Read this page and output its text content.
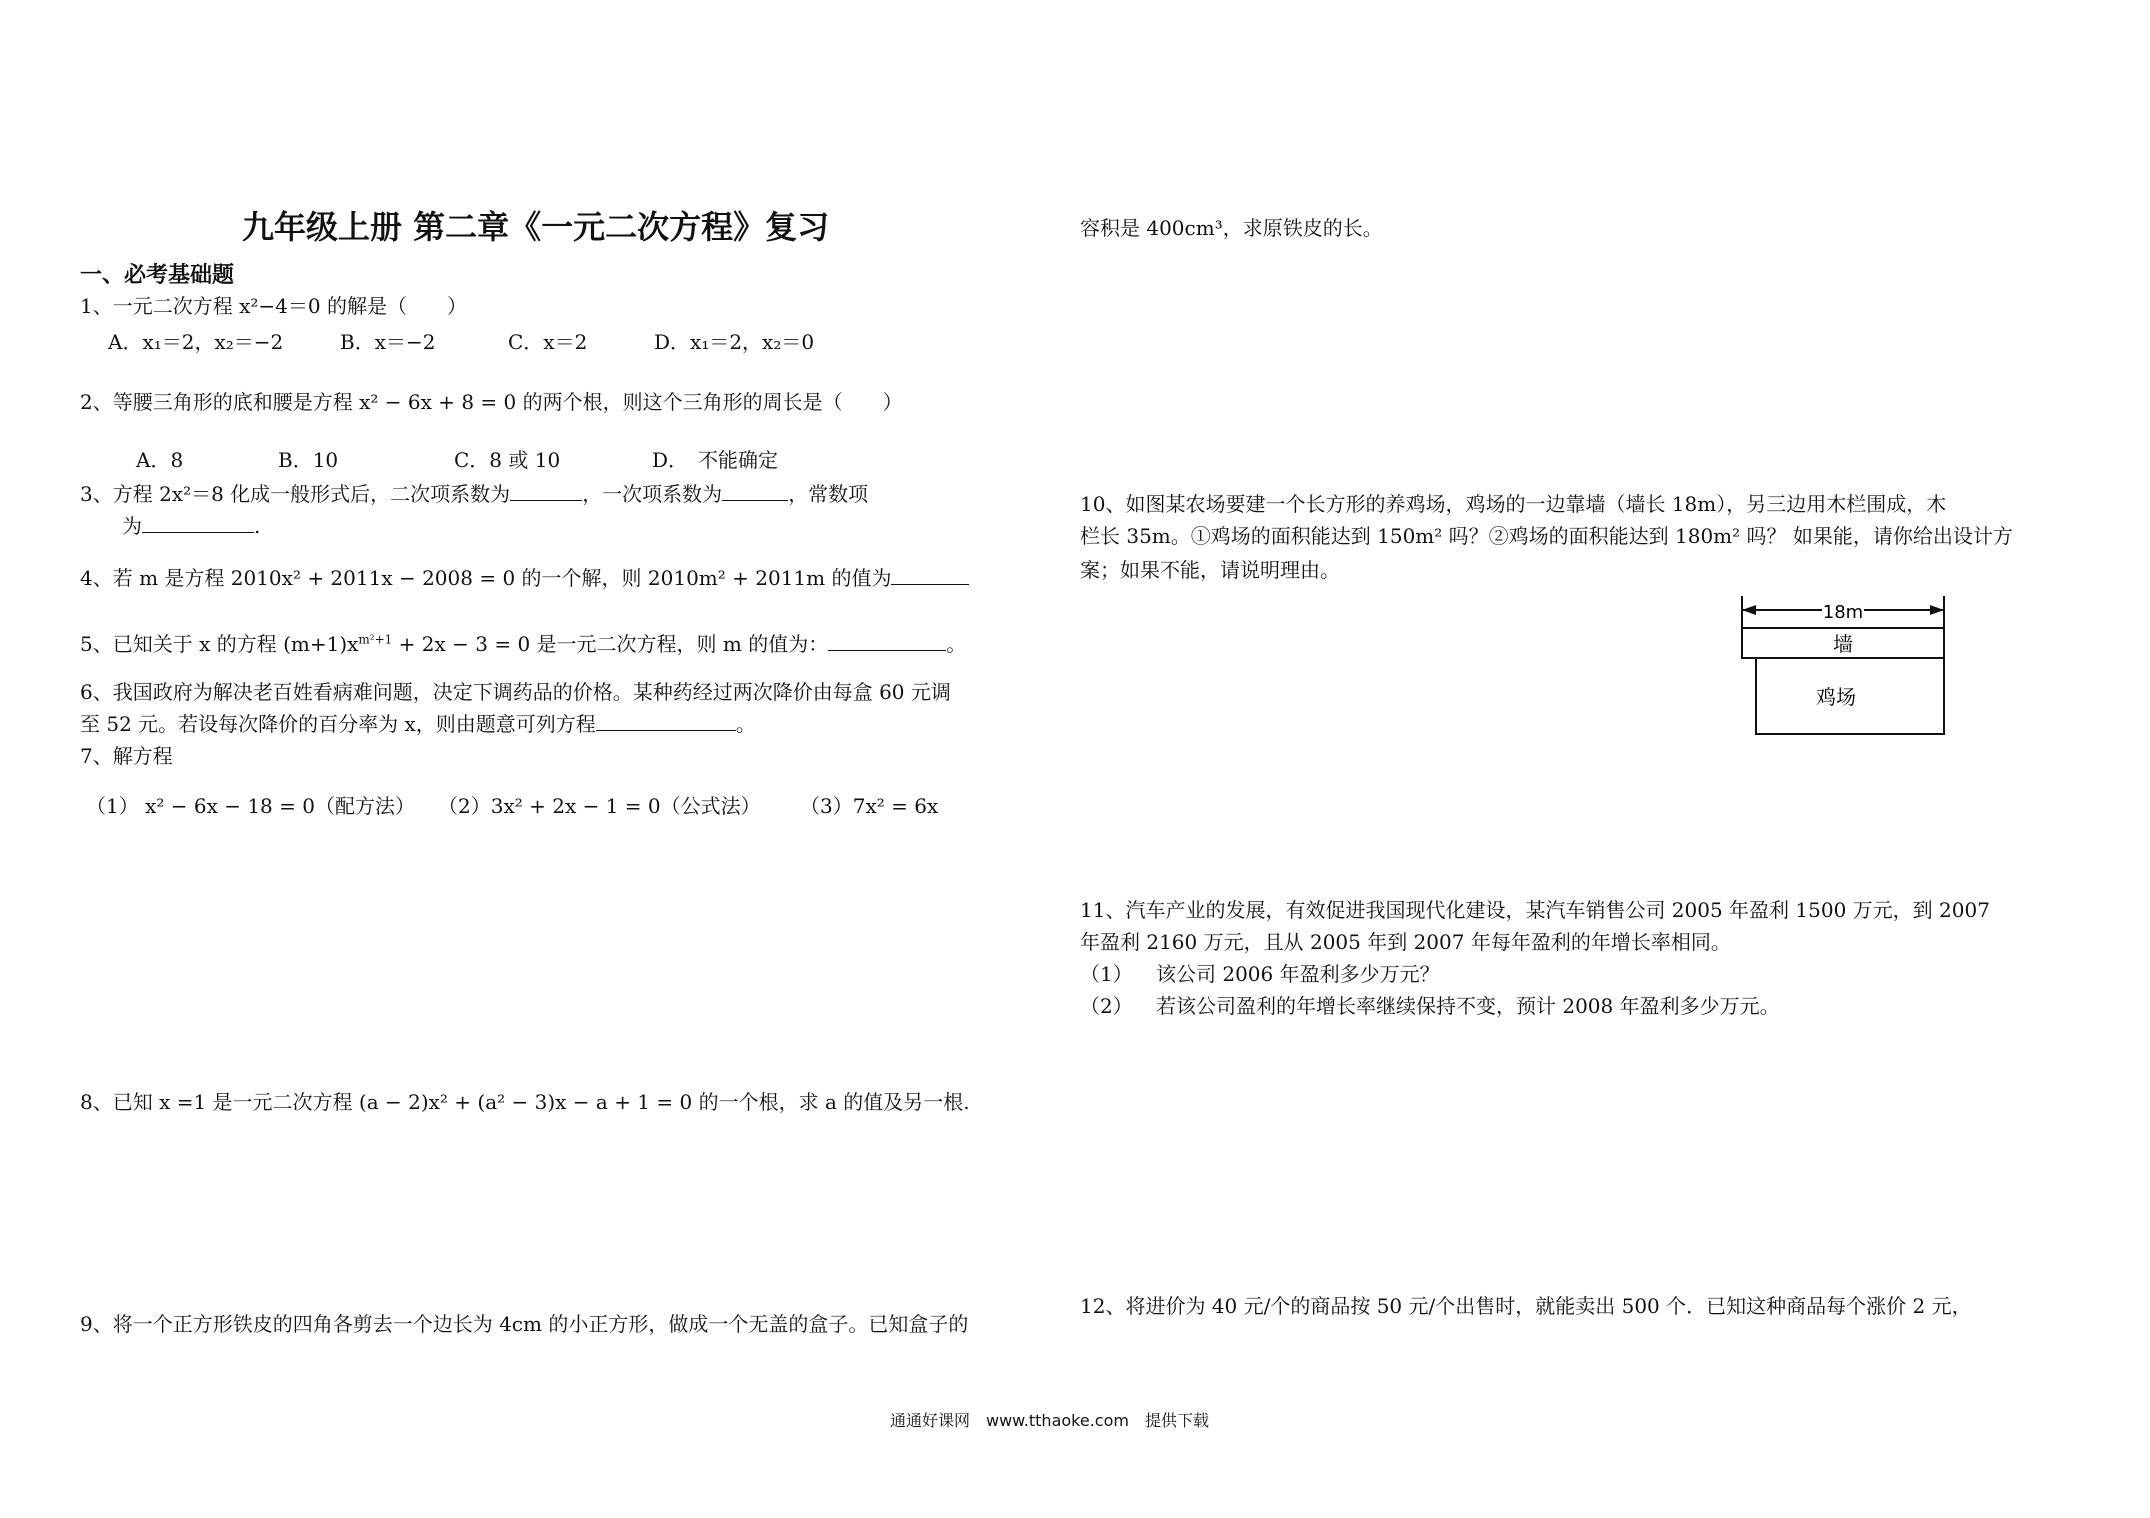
九年级上册 第二章《一元二次方程》复习
一、必考基础题
1、一元二次方程 x²−4＝0 的解是（　　）
A．x₁＝2，x₂＝−2	B．x＝−2	C．x＝2	D．x₁＝2，x₂＝0
2、等腰三角形的底和腰是方程 x² − 6x + 8 = 0 的两个根，则这个三角形的周长是（　　）
A．8	B．10	C．8 或 10	D．　不能确定
3、方程 2x²＝8 化成一般形式后，二次项系数为	，一次项系数为	，常数项
为	.
4、若 m 是方程 2010x² + 2011x − 2008 = 0 的一个解，则 2010m² + 2011m 的值为
5、已知关于 x 的方程 $(m+1)x^{m^2+1} + 2x - 3 = 0$ 是一元二次方程，则 m 的值为：	。
6、我国政府为解决老百姓看病难问题，决定下调药品的价格。某种药经过两次降价由每盒 60 元调
至 52 元。若设每次降价的百分率为 x，则由题意可列方程	。
7、解方程
（1） x² − 6x − 18 = 0（配方法） （2）3x² + 2x − 1 = 0（公式法） （3）7x² = 6x
8、已知 x =1 是一元二次方程 (a − 2)x² + (a² − 3)x − a + 1 = 0 的一个根，求 a 的值及另一根.
9、将一个正方形铁皮的四角各剪去一个边长为 4cm 的小正方形，做成一个无盖的盒子。已知盒子的
容积是 400cm³，求原铁皮的长。
10、如图某农场要建一个长方形的养鸡场，鸡场的一边靠墙（墙长 18m），另三边用木栏围成，木
栏长 35m。①鸡场的面积能达到 150m² 吗？②鸡场的面积能达到 180m² 吗？ 如果能，请你给出设计方
案；如果不能，请说明理由。
18m
墙
鸡场
11、汽车产业的发展，有效促进我国现代化建设，某汽车销售公司 2005 年盈利 1500 万元，到 2007
年盈利 2160 万元，且从 2005 年到 2007 年每年盈利的年增长率相同。
（1） 该公司 2006 年盈利多少万元？
（2） 若该公司盈利的年增长率继续保持不变，预计 2008 年盈利多少万元。
12、将进价为 40 元/个的商品按 50 元/个出售时，就能卖出 500 个．已知这种商品每个涨价 2 元，
通通好课网　www.tthaoke.com　提供下载
